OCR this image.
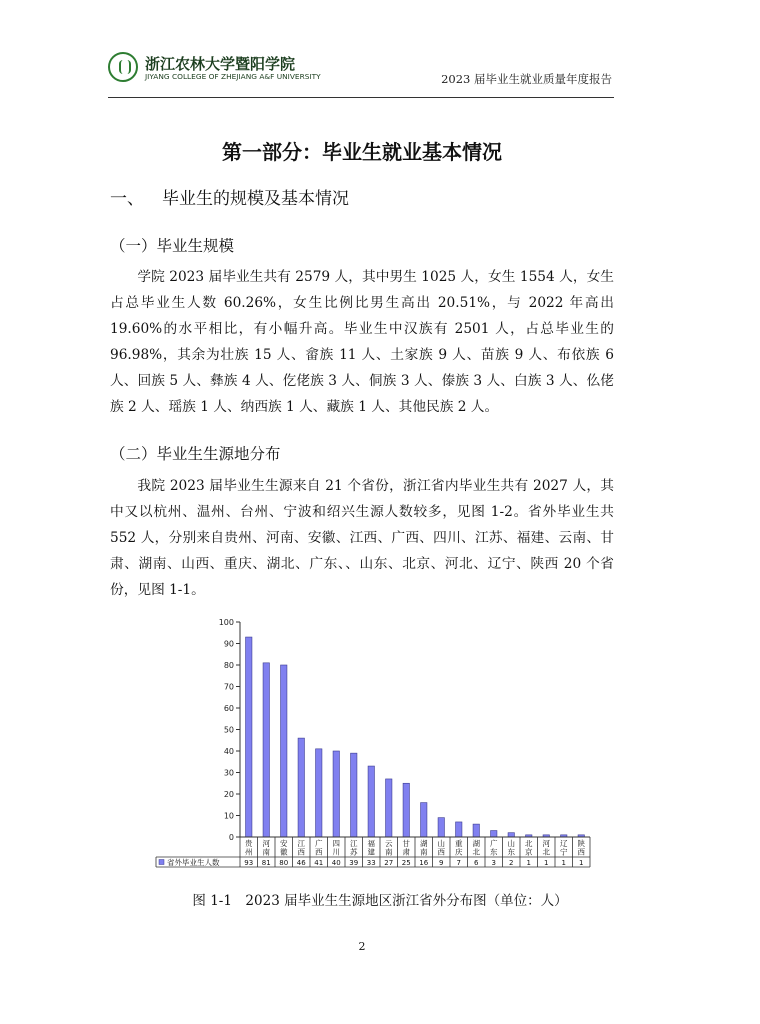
浙江农林大学暨阳学院
JIYANG COLLEGE OF ZHEJIANG A&F UNIVERSITY	2023 届毕业生就业质量年度报告
第一部分：毕业生就业基本情况
一、 毕业生的规模及基本情况
（一）毕业生规模

学院 2023 届毕业生共有 2579 人，其中男生 1025 人，女生 1554 人，女生占总毕业生人数 60.26%，女生比例比男生高出 20.51%，与 2022 年高出 19.60%的水平相比，有小幅升高。毕业生中汉族有 2501 人，占总毕业生的 96.98%，其余为壮族 15 人、畲族 11 人、土家族 9 人、苗族 9 人、布依族 6 人、回族 5 人、彝族 4 人、仡佬族 3 人、侗族 3 人、傣族 3 人、白族 3 人、仫佬族 2 人、瑶族 1 人、纳西族 1 人、藏族 1 人、其他民族 2 人。

（二）毕业生生源地分布

我院 2023 届毕业生生源来自 21 个省份，浙江省内毕业生共有 2027 人，其中又以杭州、温州、台州、宁波和绍兴生源人数较多，见图 1-2。省外毕业生共 552 人，分别来自贵州、河南、安徽、江西、广西、四川、江苏、福建、云南、甘肃、湖南、山西、重庆、湖北、广东、、山东、北京、河北、辽宁、陕西 20 个省份，见图 1-1。

0
10
20
30
40
50
60
70
80
90
100
贵
州
93
河
南
81
安
徽
80
江
西
46
广
西
41
四
川
40
江
苏
39
福
建
33
云
南
27
甘
肃
25
湖
南
16
山
西
9
重
庆
7
湖
北
6
广
东
3
山
东
2
北
京
1
河
北
1
辽
宁
1
陕
西
1
省外毕业生人数
图 1-1　2023 届毕业生生源地区浙江省外分布图（单位：人）
2
